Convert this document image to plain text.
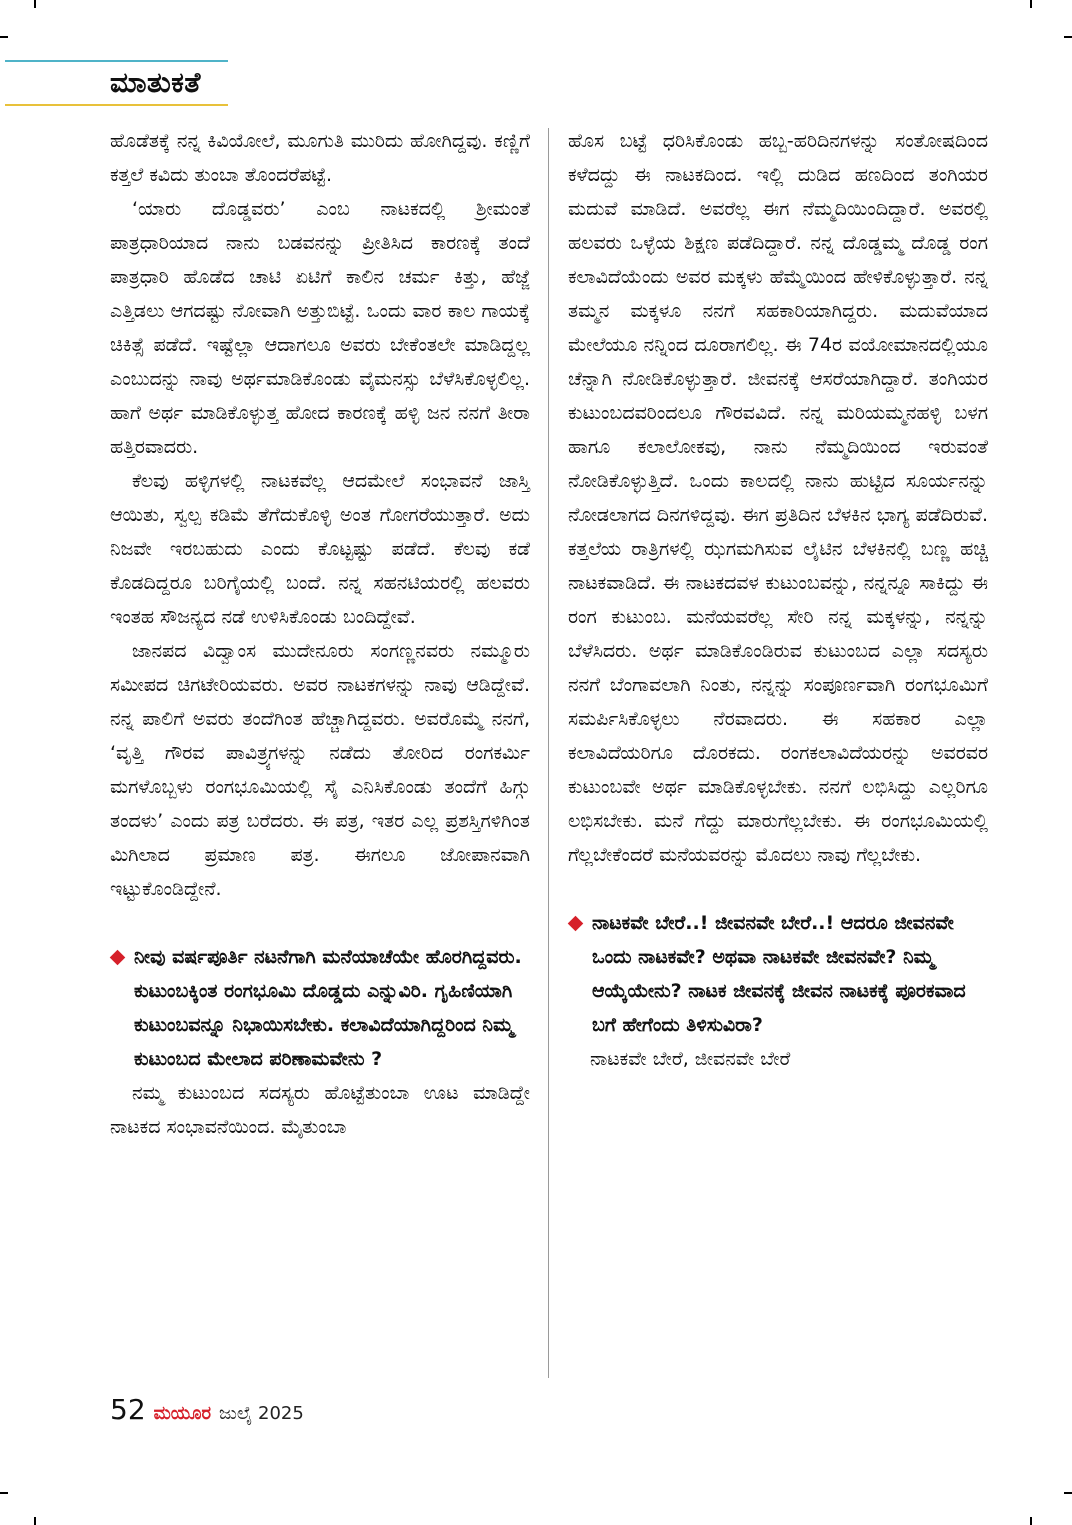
ಮಾತುಕತೆ

ಹೊಡೆತಕ್ಕೆ ನನ್ನ ಕಿವಿಯೋಲೆ, ಮೂಗುತಿ ಮುರಿದು ಹೋಗಿದ್ದವು. ಕಣ್ಣಿಗೆ ಕತ್ತಲೆ ಕವಿದು ತುಂಬಾ ತೊಂದರೆಪಟ್ಟೆ.

‘ಯಾರು ದೊಡ್ಡವರು’ ಎಂಬ ನಾಟಕದಲ್ಲಿ ಶ್ರೀಮಂತೆ ಪಾತ್ರಧಾರಿಯಾದ ನಾನು ಬಡವನನ್ನು ಪ್ರೀತಿಸಿದ ಕಾರಣಕ್ಕೆ ತಂದೆ ಪಾತ್ರಧಾರಿ ಹೊಡೆದ ಚಾಟಿ ಏಟಿಗೆ ಕಾಲಿನ ಚರ್ಮ ಕಿತ್ತು, ಹೆಜ್ಜೆ ಎತ್ತಿಡಲು ಆಗದಷ್ಟು ನೋವಾಗಿ ಅತ್ತುಬಿಟ್ಟೆ. ಒಂದು ವಾರ ಕಾಲ ಗಾಯಕ್ಕೆ ಚಿಕಿತ್ಸೆ ಪಡೆದೆ. ಇಷ್ಟೆಲ್ಲಾ ಆದಾಗಲೂ ಅವರು ಬೇಕೆಂತಲೇ ಮಾಡಿದ್ದಲ್ಲ ಎಂಬುದನ್ನು ನಾವು ಅರ್ಥಮಾಡಿಕೊಂಡು ವೈಮನಸ್ಸು ಬೆಳೆಸಿಕೊಳ್ಳಲಿಲ್ಲ. ಹಾಗೆ ಅರ್ಥ ಮಾಡಿಕೊಳ್ಳುತ್ತ ಹೋದ ಕಾರಣಕ್ಕೆ ಹಳ್ಳಿ ಜನ ನನಗೆ ತೀರಾ ಹತ್ತಿರವಾದರು.

ಕೆಲವು ಹಳ್ಳಿಗಳಲ್ಲಿ ನಾಟಕವೆಲ್ಲ ಆದಮೇಲೆ ಸಂಭಾವನೆ ಜಾಸ್ತಿ ಆಯಿತು, ಸ್ವಲ್ಪ ಕಡಿಮೆ ತೆಗೆದುಕೊಳ್ಳಿ ಅಂತ ಗೋಗರೆಯುತ್ತಾರೆ. ಅದು ನಿಜವೇ ಇರಬಹುದು ಎಂದು ಕೊಟ್ಟಷ್ಟು ಪಡೆದೆ. ಕೆಲವು ಕಡೆ ಕೊಡದಿದ್ದರೂ ಬರಿಗೈಯಲ್ಲಿ ಬಂದೆ. ನನ್ನ ಸಹನಟಿಯರಲ್ಲಿ ಹಲವರು ಇಂತಹ ಸೌಜನ್ಯದ ನಡೆ ಉಳಿಸಿಕೊಂಡು ಬಂದಿದ್ದೇವೆ.

ಜಾನಪದ ವಿದ್ವಾಂಸ ಮುದೇನೂರು ಸಂಗಣ್ಣನವರು ನಮ್ಮೂರು ಸಮೀಪದ ಚಿಗಟೇರಿಯವರು. ಅವರ ನಾಟಕಗಳನ್ನು ನಾವು ಆಡಿದ್ದೇವೆ. ನನ್ನ ಪಾಲಿಗೆ ಅವರು ತಂದೆಗಿಂತ ಹೆಚ್ಚಾಗಿದ್ದವರು. ಅವರೊಮ್ಮೆ ನನಗೆ, ‘ವೃತ್ತಿ ಗೌರವ ಪಾವಿತ್ರ್ಯಗಳನ್ನು ನಡೆದು ತೋರಿದ ರಂಗಕರ್ಮಿ ಮಗಳೊಬ್ಬಳು ರಂಗಭೂಮಿಯಲ್ಲಿ ಸೈ ಎನಿಸಿಕೊಂಡು ತಂದೆಗೆ ಹಿಗ್ಗು ತಂದಳು’ ಎಂದು ಪತ್ರ ಬರೆದರು. ಈ ಪತ್ರ, ಇತರ ಎಲ್ಲ ಪ್ರಶಸ್ತಿಗಳಿಗಿಂತ ಮಿಗಿಲಾದ ಪ್ರಮಾಣ ಪತ್ರ. ಈಗಲೂ ಜೋಪಾನವಾಗಿ ಇಟ್ಟುಕೊಂಡಿದ್ದೇನೆ.

ನೀವು ವರ್ಷಪೂರ್ತಿ ನಟನೆಗಾಗಿ ಮನೆಯಾಚೆಯೇ ಹೊರಗಿದ್ದವರು. ಕುಟುಂಬಕ್ಕಿಂತ ರಂಗಭೂಮಿ ದೊಡ್ಡದು ಎನ್ನುವಿರಿ. ಗೃಹಿಣಿಯಾಗಿ ಕುಟುಂಬವನ್ನೂ ನಿಭಾಯಿಸಬೇಕು. ಕಲಾವಿದೆಯಾಗಿದ್ದರಿಂದ ನಿಮ್ಮ ಕುಟುಂಬದ ಮೇಲಾದ ಪರಿಣಾಮವೇನು ?

ನಮ್ಮ ಕುಟುಂಬದ ಸದಸ್ಯರು ಹೊಟ್ಟೆತುಂಬಾ ಊಟ ಮಾಡಿದ್ದೇ ನಾಟಕದ ಸಂಭಾವನೆಯಿಂದ. ಮೈತುಂಬಾ

ಹೊಸ ಬಟ್ಟೆ ಧರಿಸಿಕೊಂಡು ಹಬ್ಬ-ಹರಿದಿನಗಳನ್ನು ಸಂತೋಷದಿಂದ ಕಳೆದದ್ದು ಈ ನಾಟಕದಿಂದ. ಇಲ್ಲಿ ದುಡಿದ ಹಣದಿಂದ ತಂಗಿಯರ ಮದುವೆ ಮಾಡಿದೆ. ಅವರೆಲ್ಲ ಈಗ ನೆಮ್ಮದಿಯಿಂದಿದ್ದಾರೆ. ಅವರಲ್ಲಿ ಹಲವರು ಒಳ್ಳೆಯ ಶಿಕ್ಷಣ ಪಡೆದಿದ್ದಾರೆ. ನನ್ನ ದೊಡ್ಡಮ್ಮ ದೊಡ್ಡ ರಂಗ ಕಲಾವಿದೆಯೆಂದು ಅವರ ಮಕ್ಕಳು ಹೆಮ್ಮೆಯಿಂದ ಹೇಳಿಕೊಳ್ಳುತ್ತಾರೆ. ನನ್ನ ತಮ್ಮನ ಮಕ್ಕಳೂ ನನಗೆ ಸಹಕಾರಿಯಾಗಿದ್ದರು. ಮದುವೆಯಾದ ಮೇಲೆಯೂ ನನ್ನಿಂದ ದೂರಾಗಲಿಲ್ಲ. ಈ 74ರ ವಯೋಮಾನದಲ್ಲಿಯೂ ಚೆನ್ನಾಗಿ ನೋಡಿಕೊಳ್ಳುತ್ತಾರೆ. ಜೀವನಕ್ಕೆ ಆಸರೆಯಾಗಿದ್ದಾರೆ. ತಂಗಿಯರ ಕುಟುಂಬದವರಿಂದಲೂ ಗೌರವವಿದೆ. ನನ್ನ ಮರಿಯಮ್ಮನಹಳ್ಳಿ ಬಳಗ ಹಾಗೂ ಕಲಾಲೋಕವು, ನಾನು ನೆಮ್ಮದಿಯಿಂದ ಇರುವಂತೆ ನೋಡಿಕೊಳ್ಳುತ್ತಿದೆ. ಒಂದು ಕಾಲದಲ್ಲಿ ನಾನು ಹುಟ್ಟಿದ ಸೂರ್ಯನನ್ನು ನೋಡಲಾಗದ ದಿನಗಳಿದ್ದವು. ಈಗ ಪ್ರತಿದಿನ ಬೆಳಕಿನ ಭಾಗ್ಯ ಪಡೆದಿರುವೆ. ಕತ್ತಲೆಯ ರಾತ್ರಿಗಳಲ್ಲಿ ಝಗಮಗಿಸುವ ಲೈಟಿನ ಬೆಳಕಿನಲ್ಲಿ ಬಣ್ಣ ಹಚ್ಚಿ ನಾಟಕವಾಡಿದೆ. ಈ ನಾಟಕದವಳ ಕುಟುಂಬವನ್ನು, ನನ್ನನ್ನೂ ಸಾಕಿದ್ದು ಈ ರಂಗ ಕುಟುಂಬ. ಮನೆಯವರೆಲ್ಲ ಸೇರಿ ನನ್ನ ಮಕ್ಕಳನ್ನು, ನನ್ನನ್ನು ಬೆಳೆಸಿದರು. ಅರ್ಥ ಮಾಡಿಕೊಂಡಿರುವ ಕುಟುಂಬದ ಎಲ್ಲಾ ಸದಸ್ಯರು ನನಗೆ ಬೆಂಗಾವಲಾಗಿ ನಿಂತು, ನನ್ನನ್ನು ಸಂಪೂರ್ಣವಾಗಿ ರಂಗಭೂಮಿಗೆ ಸಮರ್ಪಿಸಿಕೊಳ್ಳಲು ನೆರವಾದರು. ಈ ಸಹಕಾರ ಎಲ್ಲಾ ಕಲಾವಿದೆಯರಿಗೂ ದೊರಕದು. ರಂಗಕಲಾವಿದೆಯರನ್ನು ಅವರವರ ಕುಟುಂಬವೇ ಅರ್ಥ ಮಾಡಿಕೊಳ್ಳಬೇಕು. ನನಗೆ ಲಭಿಸಿದ್ದು ಎಲ್ಲರಿಗೂ ಲಭಿಸಬೇಕು. ಮನೆ ಗೆದ್ದು ಮಾರುಗೆಲ್ಲಬೇಕು. ಈ ರಂಗಭೂಮಿಯಲ್ಲಿ ಗೆಲ್ಲಬೇಕೆಂದರೆ ಮನೆಯವರನ್ನು ಮೊದಲು ನಾವು ಗೆಲ್ಲಬೇಕು.

ನಾಟಕವೇ ಬೇರೆ..! ಜೀವನವೇ ಬೇರೆ..! ಆದರೂ ಜೀವನವೇ ಒಂದು ನಾಟಕವೇ? ಅಥವಾ ನಾಟಕವೇ ಜೀವನವೇ? ನಿಮ್ಮ ಆಯ್ಕೆಯೇನು? ನಾಟಕ ಜೀವನಕ್ಕೆ ಜೀವನ ನಾಟಕಕ್ಕೆ ಪೂರಕವಾದ ಬಗೆ ಹೇಗೆಂದು ತಿಳಿಸುವಿರಾ?

ನಾಟಕವೇ ಬೇರೆ, ಜೀವನವೇ ಬೇರೆ

52 ಮಯೂರ ಜುಲೈ 2025
